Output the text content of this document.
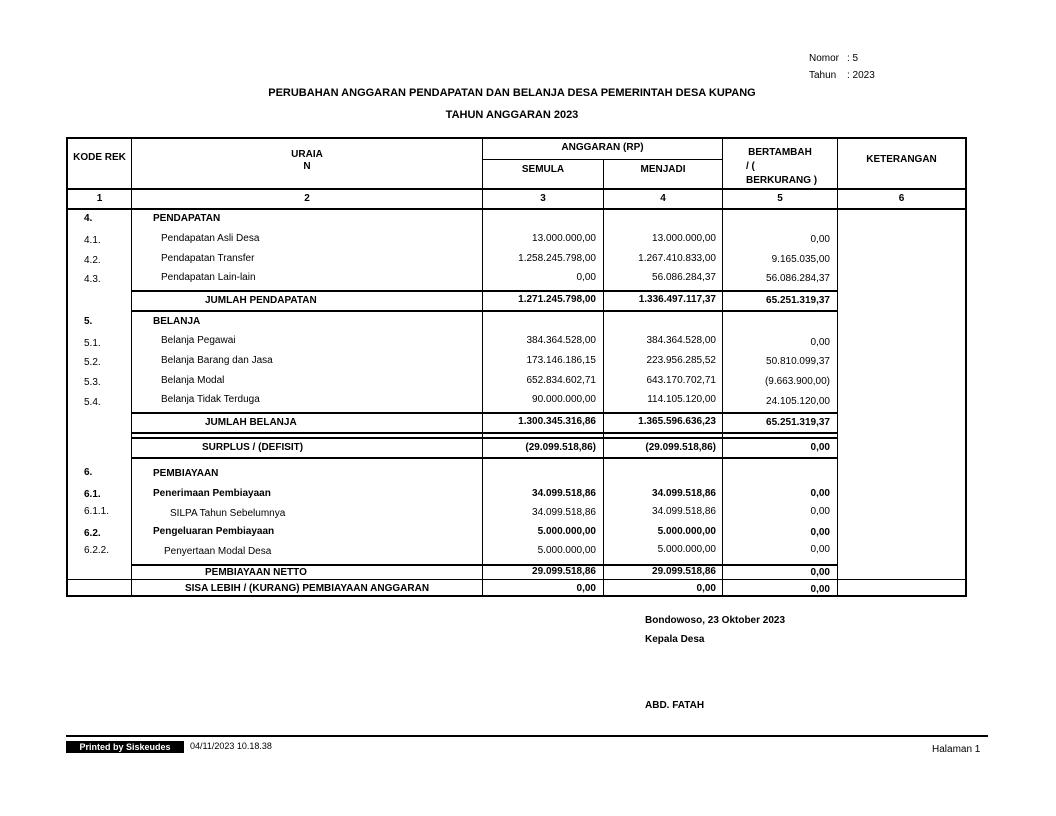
Nomor : 5
Tahun : 2023
PERUBAHAN ANGGARAN PENDAPATAN DAN BELANJA DESA PEMERINTAH DESA KUPANG
TAHUN ANGGARAN 2023
KODE REK	URAIA
N
ANGGARAN (RP)
SEMULA	MENJADI
BERTAMBAH
/ (
BERKURANG )
KETERANGAN
1	2	3	4	5	6
4.	PENDAPATAN
4.1.	Pendapatan Asli Desa	13.000.000,00	13.000.000,00	0,00
4.2.	Pendapatan Transfer	1.258.245.798,00	1.267.410.833,00	9.165.035,00
4.3.	Pendapatan Lain-lain	0,00	56.086.284,37	56.086.284,37
JUMLAH PENDAPATAN	1.271.245.798,00	1.336.497.117,37	65.251.319,37
5.	BELANJA
5.1.	Belanja Pegawai	384.364.528,00	384.364.528,00	0,00
5.2.	Belanja Barang dan Jasa	173.146.186,15	223.956.285,52	50.810.099,37
5.3.	Belanja Modal	652.834.602,71	643.170.702,71	(9.663.900,00)
5.4.	Belanja Tidak Terduga	90.000.000,00	114.105.120,00	24.105.120,00
JUMLAH BELANJA	1.300.345.316,86	1.365.596.636,23	65.251.319,37
SURPLUS / (DEFISIT)	(29.099.518,86)	(29.099.518,86)	0,00
6.	PEMBIAYAAN
6.1.	Penerimaan Pembiayaan	34.099.518,86	34.099.518,86	0,00
6.1.1.	SILPA Tahun Sebelumnya	34.099.518,86	34.099.518,86	0,00
6.2.	Pengeluaran Pembiayaan	5.000.000,00	5.000.000,00	0,00
6.2.2.	Penyertaan Modal Desa	5.000.000,00	5.000.000,00	0,00
PEMBIAYAAN NETTO	29.099.518,86	29.099.518,86	0,00
SISA LEBIH / (KURANG) PEMBIAYAAN ANGGARAN	0,00	0,00	0,00
Bondowoso, 23 Oktober 2023
Kepala Desa
ABD. FATAH
Printed by Siskeudes	04/11/2023 10.18.38	Halaman 1
